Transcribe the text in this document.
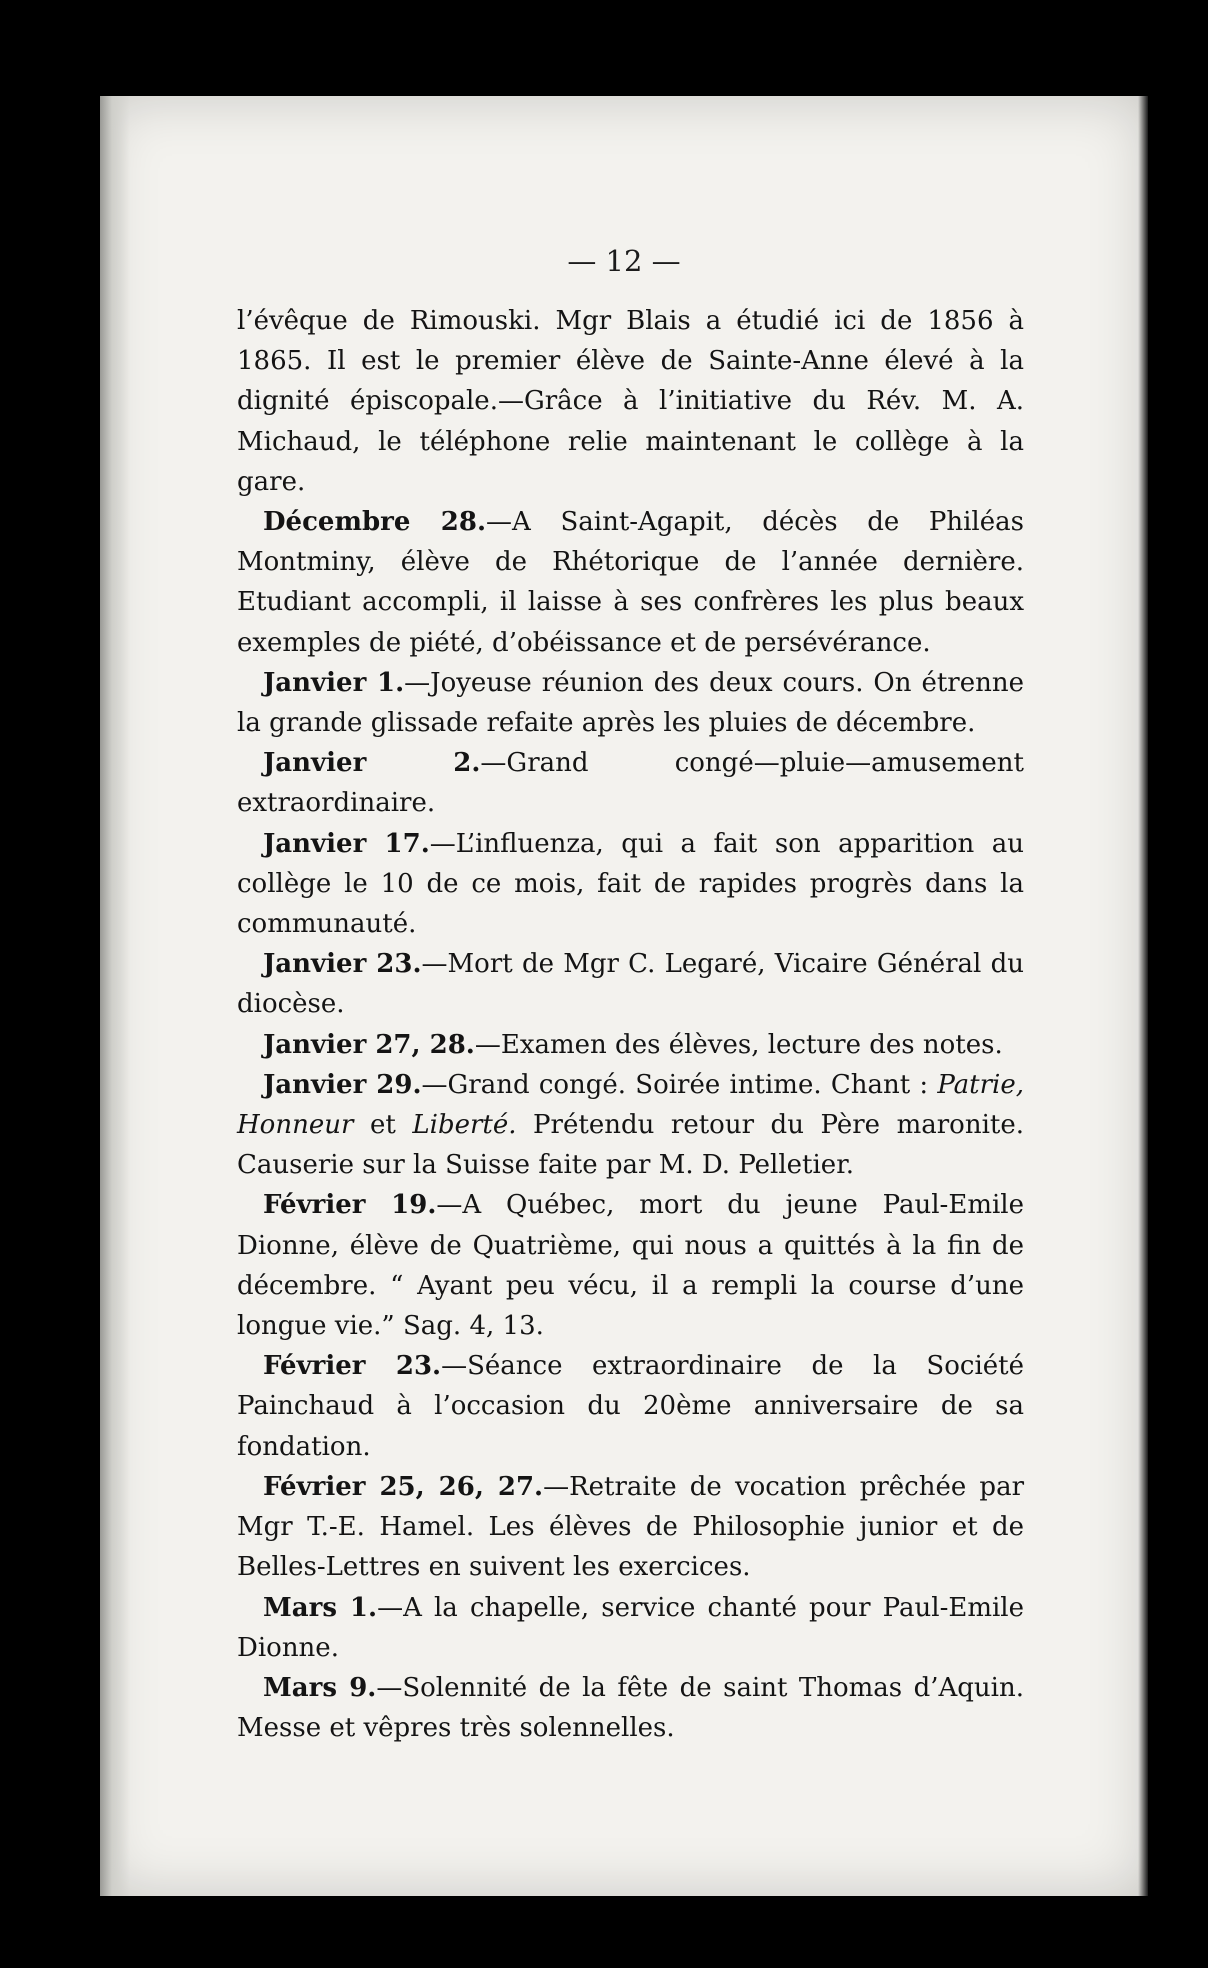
— 12 —

l’évêque de Rimouski. Mgr Blais a étudié ici de 1856 à 1865. Il est le premier élève de Sainte-Anne élevé à la dignité épiscopale.—Grâce à l’initiative du Rév. M. A. Michaud, le téléphone relie maintenant le collège à la gare.

Décembre 28.—A Saint-Agapit, décès de Philéas Montminy, élève de Rhétorique de l’année dernière. Etudiant accompli, il laisse à ses confrères les plus beaux exemples de piété, d’obéissance et de persévérance.

Janvier 1.—Joyeuse réunion des deux cours. On étrenne la grande glissade refaite après les pluies de décembre.

Janvier 2.—Grand congé—pluie—amusement extraordinaire.

Janvier 17.—L’influenza, qui a fait son apparition au collège le 10 de ce mois, fait de rapides progrès dans la communauté.

Janvier 23.—Mort de Mgr C. Legaré, Vicaire Général du diocèse.

Janvier 27, 28.—Examen des élèves, lecture des notes.

Janvier 29.—Grand congé. Soirée intime. Chant : Patrie, Honneur et Liberté. Prétendu retour du Père maronite. Causerie sur la Suisse faite par M. D. Pelletier.

Février 19.—A Québec, mort du jeune Paul-Emile Dionne, élève de Quatrième, qui nous a quittés à la fin de décembre. “ Ayant peu vécu, il a rempli la course d’une longue vie.” Sag. 4, 13.

Février 23.—Séance extraordinaire de la Société Painchaud à l’occasion du 20ème anniversaire de sa fondation.

Février 25, 26, 27.—Retraite de vocation prêchée par Mgr T.-E. Hamel. Les élèves de Philosophie junior et de Belles-Lettres en suivent les exercices.

Mars 1.—A la chapelle, service chanté pour Paul-Emile Dionne.

Mars 9.—Solennité de la fête de saint Thomas d’Aquin. Messe et vêpres très solennelles.
